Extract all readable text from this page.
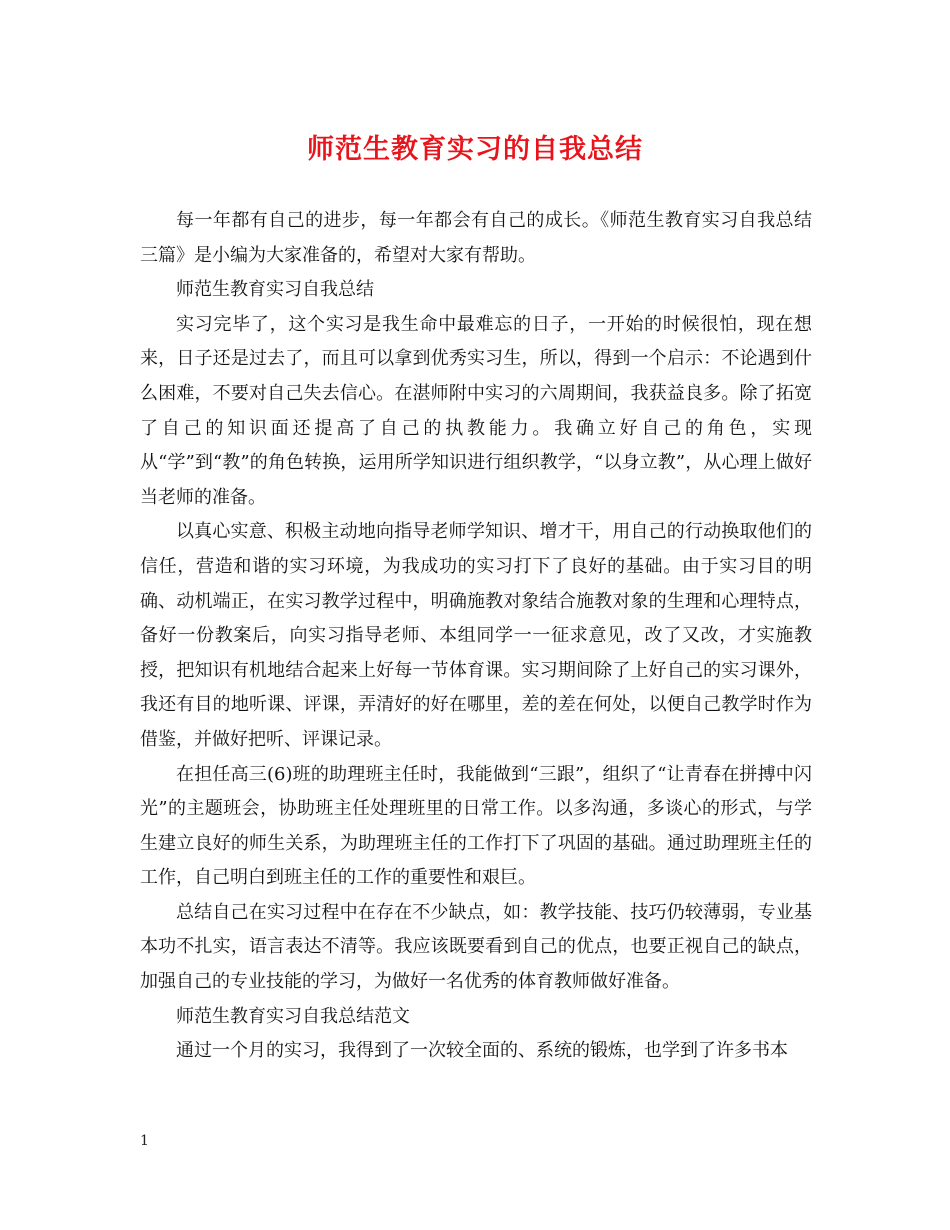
师范生教育实习的自我总结

每一年都有自己的进步，每一年都会有自己的成长。《师范生教育实习自我总结三篇》是小编为大家准备的，希望对大家有帮助。

师范生教育实习自我总结

实习完毕了，这个实习是我生命中最难忘的日子，一开始的时候很怕，现在想来，日子还是过去了，而且可以拿到优秀实习生，所以，得到一个启示：不论遇到什么困难，不要对自己失去信心。在湛师附中实习的六周期间，我获益良多。除了拓宽了自己的知识面还提高了自己的执教能力。我确立好自己的角色，实现从“学”到“教”的角色转换，运用所学知识进行组织教学，“以身立教”，从心理上做好当老师的准备。

以真心实意、积极主动地向指导老师学知识、增才干，用自己的行动换取他们的信任，营造和谐的实习环境，为我成功的实习打下了良好的基础。由于实习目的明确、动机端正，在实习教学过程中，明确施教对象结合施教对象的生理和心理特点，备好一份教案后，向实习指导老师、本组同学一一征求意见，改了又改，才实施教授，把知识有机地结合起来上好每一节体育课。实习期间除了上好自己的实习课外，我还有目的地听课、评课，弄清好的好在哪里，差的差在何处，以便自己教学时作为借鉴，并做好把听、评课记录。

在担任高三(6)班的助理班主任时，我能做到“三跟”，组织了“让青春在拼搏中闪光”的主题班会，协助班主任处理班里的日常工作。以多沟通，多谈心的形式，与学生建立良好的师生关系，为助理班主任的工作打下了巩固的基础。通过助理班主任的工作，自己明白到班主任的工作的重要性和艰巨。

总结自己在实习过程中在存在不少缺点，如：教学技能、技巧仍较薄弱，专业基本功不扎实，语言表达不清等。我应该既要看到自己的优点，也要正视自己的缺点，加强自己的专业技能的学习，为做好一名优秀的体育教师做好准备。

师范生教育实习自我总结范文

通过一个月的实习，我得到了一次较全面的、系统的锻炼，也学到了许多书本

1
